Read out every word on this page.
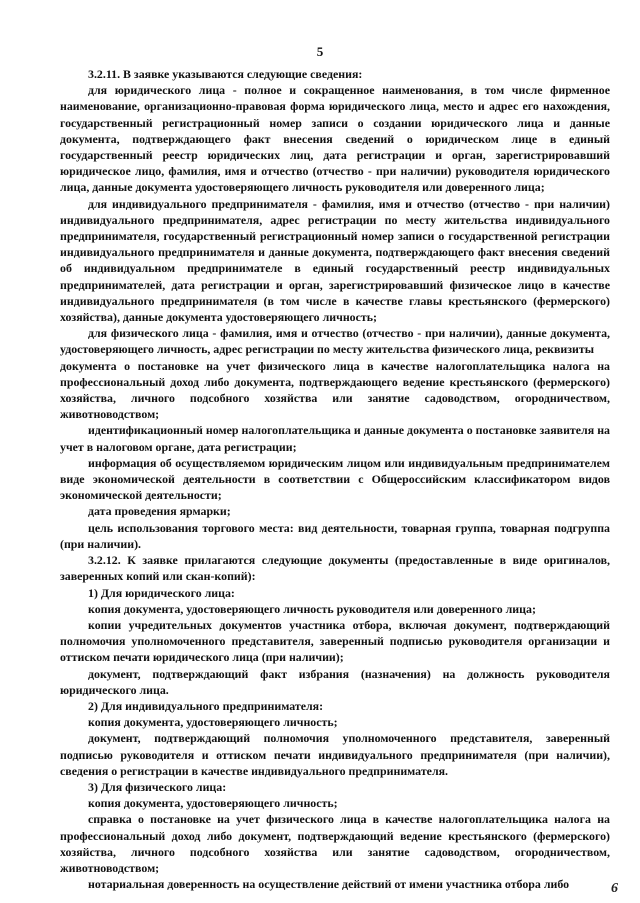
5

3.2.11. В заявке указываются следующие сведения:

для юридического лица - полное и сокращенное наименования, в том числе фирменное наименование, организационно-правовая форма юридического лица, место и адрес его нахождения, государственный регистрационный номер записи о создании юридического лица и данные документа, подтверждающего факт внесения сведений о юридическом лице в единый государственный реестр юридических лиц, дата регистрации и орган, зарегистрировавший юридическое лицо, фамилия, имя и отчество (отчество - при наличии) руководителя юридического лица, данные документа удостоверяющего личность руководителя или доверенного лица;

для индивидуального предпринимателя - фамилия, имя и отчество (отчество - при наличии) индивидуального предпринимателя, адрес регистрации по месту жительства индивидуального предпринимателя, государственный регистрационный номер записи о государственной регистрации индивидуального предпринимателя и данные документа, подтверждающего факт внесения сведений об индивидуальном предпринимателе в единый государственный реестр индивидуальных предпринимателей, дата регистрации и орган, зарегистрировавший физическое лицо в качестве индивидуального предпринимателя (в том числе в качестве главы крестьянского (фермерского) хозяйства), данные документа удостоверяющего личность;

для физического лица - фамилия, имя и отчество (отчество - при наличии), данные документа, удостоверяющего личность, адрес регистрации по месту жительства физического лица, реквизиты

документа о постановке на учет физического лица в качестве налогоплательщика налога на профессиональный доход либо документа, подтверждающего ведение крестьянского (фермерского) хозяйства, личного подсобного хозяйства или занятие садоводством, огородничеством, животноводством;

идентификационный номер налогоплательщика и данные документа о постановке заявителя на учет в налоговом органе, дата регистрации;

информация об осуществляемом юридическим лицом или индивидуальным предпринимателем виде экономической деятельности в соответствии с Общероссийским классификатором видов экономической деятельности;

дата проведения ярмарки;

цель использования торгового места: вид деятельности, товарная группа, товарная подгруппа (при наличии).

3.2.12. К заявке прилагаются следующие документы (предоставленные в виде оригиналов, заверенных копий или скан-копий):

1) Для юридического лица:

копия документа, удостоверяющего личность руководителя или доверенного лица;

копии учредительных документов участника отбора, включая документ, подтверждающий полномочия уполномоченного представителя, заверенный подписью руководителя организации и оттиском печати юридического лица (при наличии);

документ, подтверждающий факт избрания (назначения) на должность руководителя юридического лица.

2) Для индивидуального предпринимателя:

копия документа, удостоверяющего личность;

документ, подтверждающий полномочия уполномоченного представителя, заверенный подписью руководителя и оттиском печати индивидуального предпринимателя (при наличии), сведения о регистрации в качестве индивидуального предпринимателя.

3) Для физического лица:

копия документа, удостоверяющего личность;

справка о постановке на учет физического лица в качестве налогоплательщика налога на профессиональный доход либо документ, подтверждающий ведение крестьянского (фермерского) хозяйства, личного подсобного хозяйства или занятие садоводством, огородничеством, животноводством;

нотариальная доверенность на осуществление действий от имени участника отбора либо	6
